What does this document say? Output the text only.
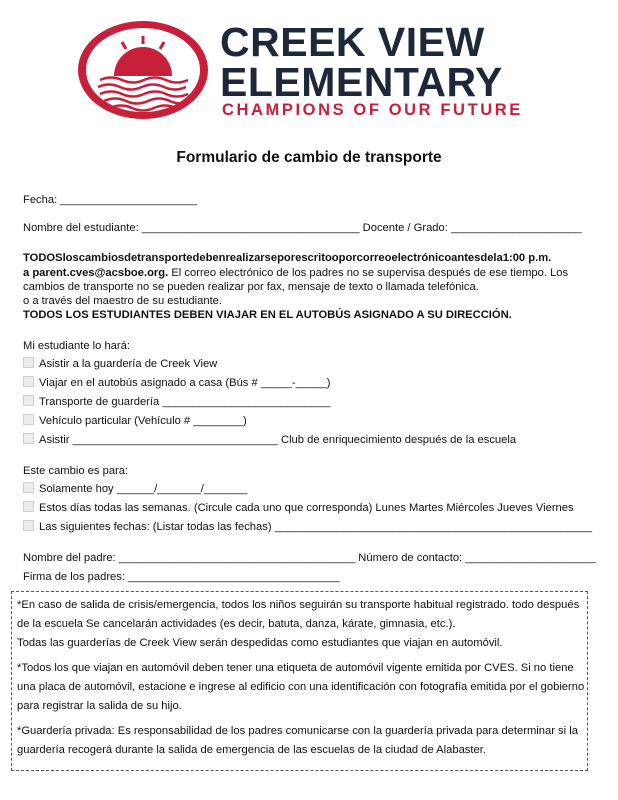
CREEK VIEW
ELEMENTARY
CHAMPIONS OF OUR FUTURE
Formulario de cambio de transporte
Fecha: ______________________
Nombre del estudiante: ___________________________________ Docente / Grado: _____________________
TODOSloscambiosdetransportedebenrealizarseporescritooporcorreoelectrónicoantesdela1:00 p.m.
a parent.cves@acsboe.org. El correo electrónico de los padres no se supervisa después de ese tiempo. Los
cambios de transporte no se pueden realizar por fax, mensaje de texto o llamada telefónica.
o a través del maestro de su estudiante.
TODOS LOS ESTUDIANTES DEBEN VIAJAR EN EL AUTOBÚS ASIGNADO A SU DIRECCIÓN.
Mi estudiante lo hará:
Asistir a la guardería de Creek View
Viajar en el autobús asignado a casa (Bús # _____-_____)
Transporte de guardería ___________________________
Vehículo particular (Vehículo # ________)
Asistir _________________________________ Club de enriquecimiento después de la escuela
Este cambio es para:
Solamente hoy ______/_______/_______
Estos días todas las semanas. (Circule cada uno que corresponda) Lunes Martes Miércoles Jueves Viernes
Las siguientes fechas: (Listar todas las fechas) ___________________________________________________
Nombre del padre: ______________________________________ Número de contacto: _____________________
Firma de los padres: __________________________________
*En caso de salida de crisis/emergencia, todos los niños seguirán su transporte habitual registrado. todo después
de la escuela Se cancelarán actividades (es decir, batuta, danza, kárate, gimnasia, etc.).
Todas las guarderías de Creek View serán despedidas como estudiantes que viajan en automóvil.
*Todos los que viajan en automóvil deben tener una etiqueta de automóvil vigente emitida por CVES. Si no tiene
una placa de automóvil, estacione e ingrese al edificio con una identificación con fotografía emitida por el gobierno
para registrar la salida de su hijo.
*Guardería privada: Es responsabilidad de los padres comunicarse con la guardería privada para determinar si la
guardería recogerá durante la salida de emergencia de las escuelas de la ciudad de Alabaster.
